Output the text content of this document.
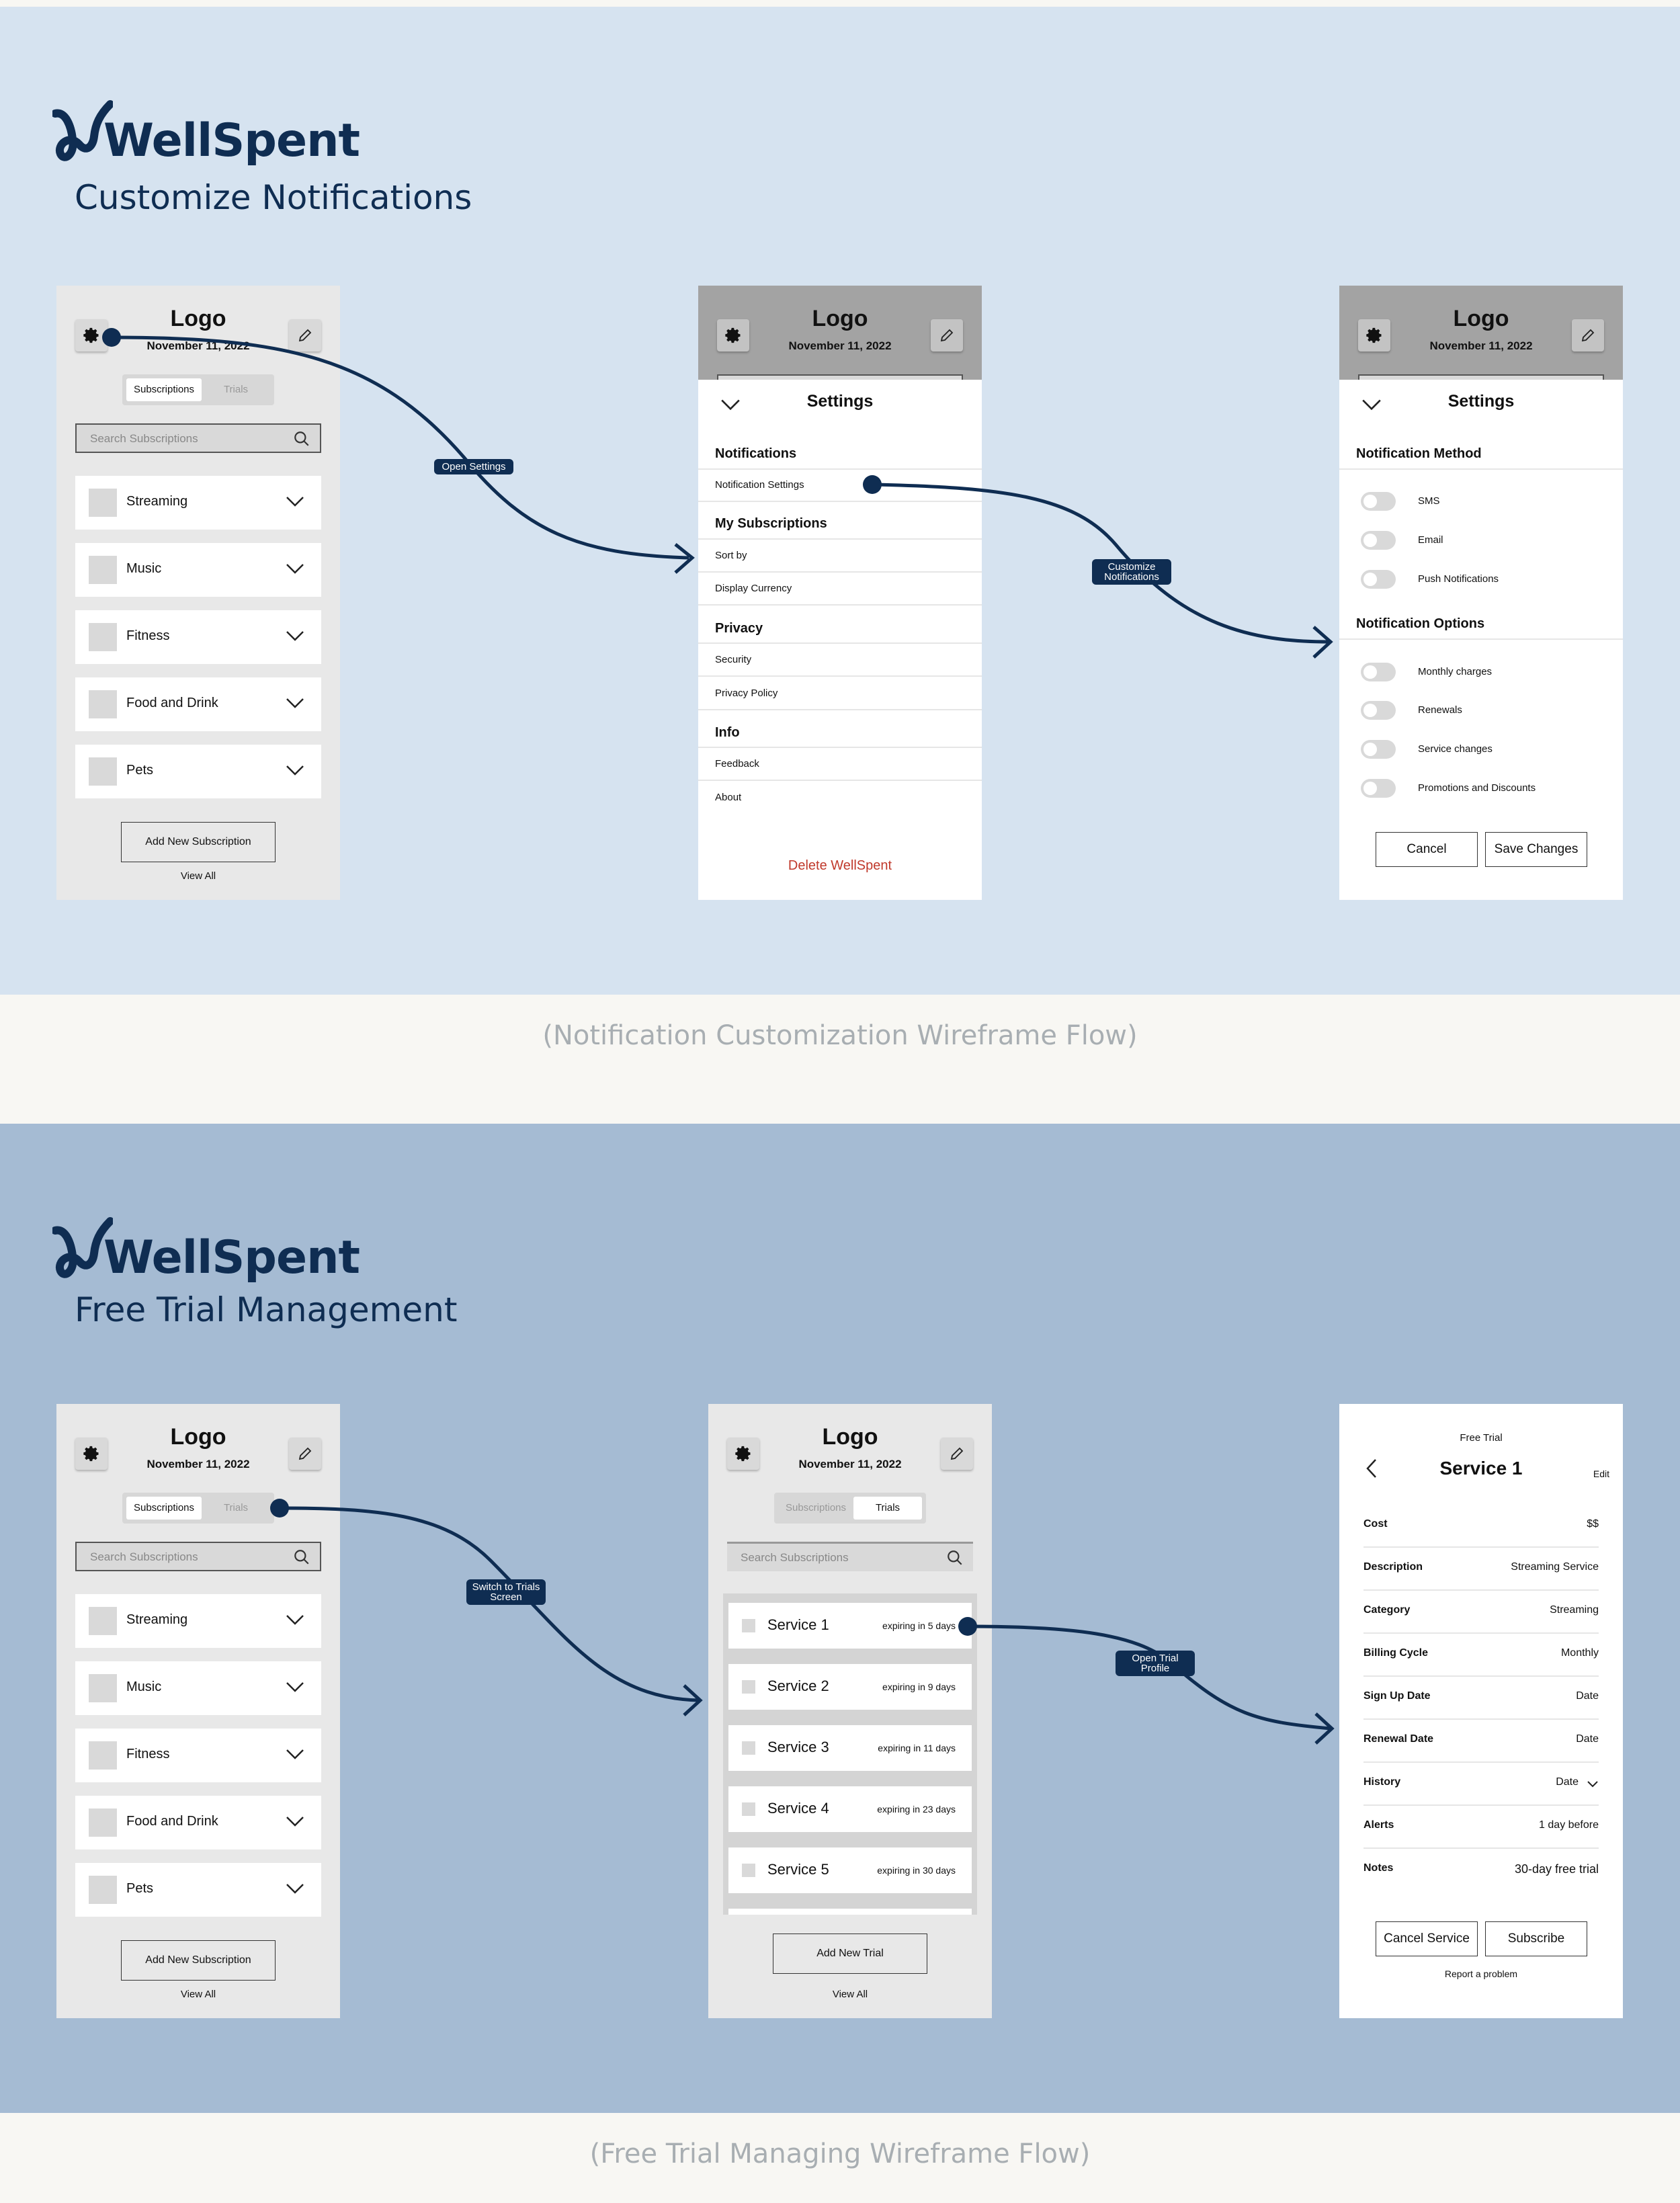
WellSpent
Customize Notifications
Logo
November 11, 2022
Subscriptions	Trials
Search Subscriptions
Streaming
Music
Fitness
Food and Drink
Pets
Add New Subscription
View All
Logo
November 11, 2022
Settings
Notifications
Notification Settings
My Subscriptions
Sort by
Display Currency
Privacy
Security
Privacy Policy
Info
Feedback
About
Delete WellSpent
Logo
November 11, 2022
Settings
Notification Method
SMS
Email
Push Notifications
Notification Options
Monthly charges
Renewals
Service changes
Promotions and Discounts
Cancel	Save Changes
Open Settings
Customize Notifications
(Notification Customization Wireframe Flow)
WellSpent
Free Trial Management
Logo
November 11, 2022
Subscriptions	Trials
Search Subscriptions
Streaming
Music
Fitness
Food and Drink
Pets
Add New Subscription
View All
Logo
November 11, 2022
Subscriptions	Trials
Search Subscriptions
Service 1	expiring in 5 days
Service 2	expiring in 9 days
Service 3	expiring in 11 days
Service 4	expiring in 23 days
Service 5	expiring in 30 days
Add New Trial
View All
Free Trial
Service 1	Edit
Cost	$$
Description	Streaming Service
Category	Streaming
Billing Cycle	Monthly
Sign Up Date	Date
Renewal Date	Date
History	Date
Alerts	1 day before
Notes	30-day free trial
Cancel Service	Subscribe
Report a problem
Switch to Trials Screen
Open Trial Profile
(Free Trial Managing Wireframe Flow)
